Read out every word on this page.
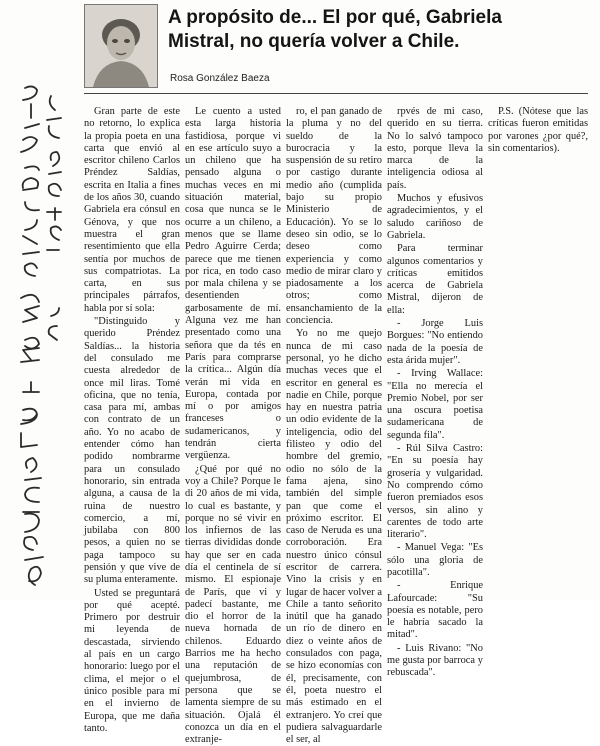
A propósito de... El por qué, Gabriela
Mistral, no quería volver a Chile.
Rosa González Baeza

Gran parte de este no retorno, lo explica la propia poeta en una carta que envió al escritor chileno Carlos Préndez Saldías, escrita en Italia a fines de los años 30, cuando Gabriela era cónsul en Génova, y que nos muestra el gran resentimiento que ella sentía por muchos de sus compatriotas. La carta, en sus principales párrafos, habla por sí sola:

"Distinguido y querido Préndez Saldías... la historia del consulado me cuesta alrededor de once mil liras. Tomé oficina, que no tenía, casa para mí, ambas con contrato de un año. Yo no acabo de entender cómo han podido nombrarme para un consulado honorario, sin entrada alguna, a causa de la ruina de nuestro comercio, a mí, jubilaba con 800 pesos, a quien no se paga tampoco su pensión y que vive de su pluma enteramente.

Usted se preguntará por qué acepté. Primero por destruir mi leyenda de descastada, sirviendo al país en un cargo honorario: luego por el clima, el mejor o el único posible para mí en el invierno de Europa, que me daña tanto.

Le cuento a usted esta larga historia fastidiosa, porque vi en ese artículo suyo a un chileno que ha pensado alguna o muchas veces en mi situación material, cosa que nunca se le ocurre a un chileno, a menos que se llame Pedro Aguirre Cerda; parece que me tienen por rica, en todo caso por mala chilena y se desentienden garbosamente de mí. Alguna vez me han presentado como una señora que da tés en París para comprarse la crítica... Algún día verán mi vida en Europa, contada por mí o por amigos franceses o sudamericanos, y tendrán cierta vergüenza.

¿Qué por qué no voy a Chile? Porque le di 20 años de mi vida, lo cual es bastante, y porque no sé vivir en los infiernos de las tierras divididas donde hay que ser en cada día el centinela de sí mismo. El espionaje de París, que vi y padecí bastante, me dio el horror de la nueva hornada de chilenos. Eduardo Barrios me ha hecho una reputación de quejumbrosa, de persona que se lamenta siempre de su situación. Ojalá él conozca un día en el extranje-

ro, el pan ganado de la pluma y no del sueldo de la burocracia y la suspensión de su retiro por castigo durante medio año (cumplida bajo su propio Ministerio de Educación). Yo se lo deseo sin odio, se lo deseo como experiencia y como medio de mirar claro y piadosamente a los otros; como ensanchamiento de la conciencia.

Yo no me quejo nunca de mi caso personal, yo he dicho muchas veces que el escritor en general es nadie en Chile, porque hay en nuestra patria un odio evidente de la inteligencia, odio del filisteo y odio del hombre del gremio, odio no sólo de la fama ajena, sino también del simple pan que come el próximo escritor. El caso de Neruda es una corroboración. Era nuestro único cónsul escritor de carrera. Vino la crisis y en lugar de hacer volver a Chile a tanto señorito inútil que ha ganado un río de dinero en diez o veinte años de consulados con paga, se hizo economías con él, precisamente, con él, poeta nuestro el más estimado en el extranjero. Yo creí que pudiera salvaguardarle el ser, al

rpvés de mi caso, querido en su tierra. No lo salvó tampoco esto, porque lleva la marca de la inteligencia odiosa al país.

Muchos y efusivos agradecimientos, y el saludo cariñoso de Gabriela.

Para terminar algunos comentarios y críticas emitidos acerca de Gabriela Mistral, dijeron de ella:

- Jorge Luis Borgues: "No entiendo nada de la poesía de esta árida mujer".

- Irving Wallace: "Ella no merecía el Premio Nobel, por ser una oscura poetisa sudamericana de segunda fila".

- Rúl Silva Castro: "En su poesía hay grosería y vulgaridad. No comprendo cómo fueron premiados esos versos, sin alino y carentes de todo arte literario".

- Manuel Vega: "Es sólo una gloria de pacotilla".

- Enrique Lafourcade: "Su poesía es notable, pero le habría sacado la mitad".

- Luis Rivano: "No me gusta por barroca y rebuscada".

P.S. (Nótese que las críticas fueron emitidas por varones ¿por qué?, sin comentarios).
